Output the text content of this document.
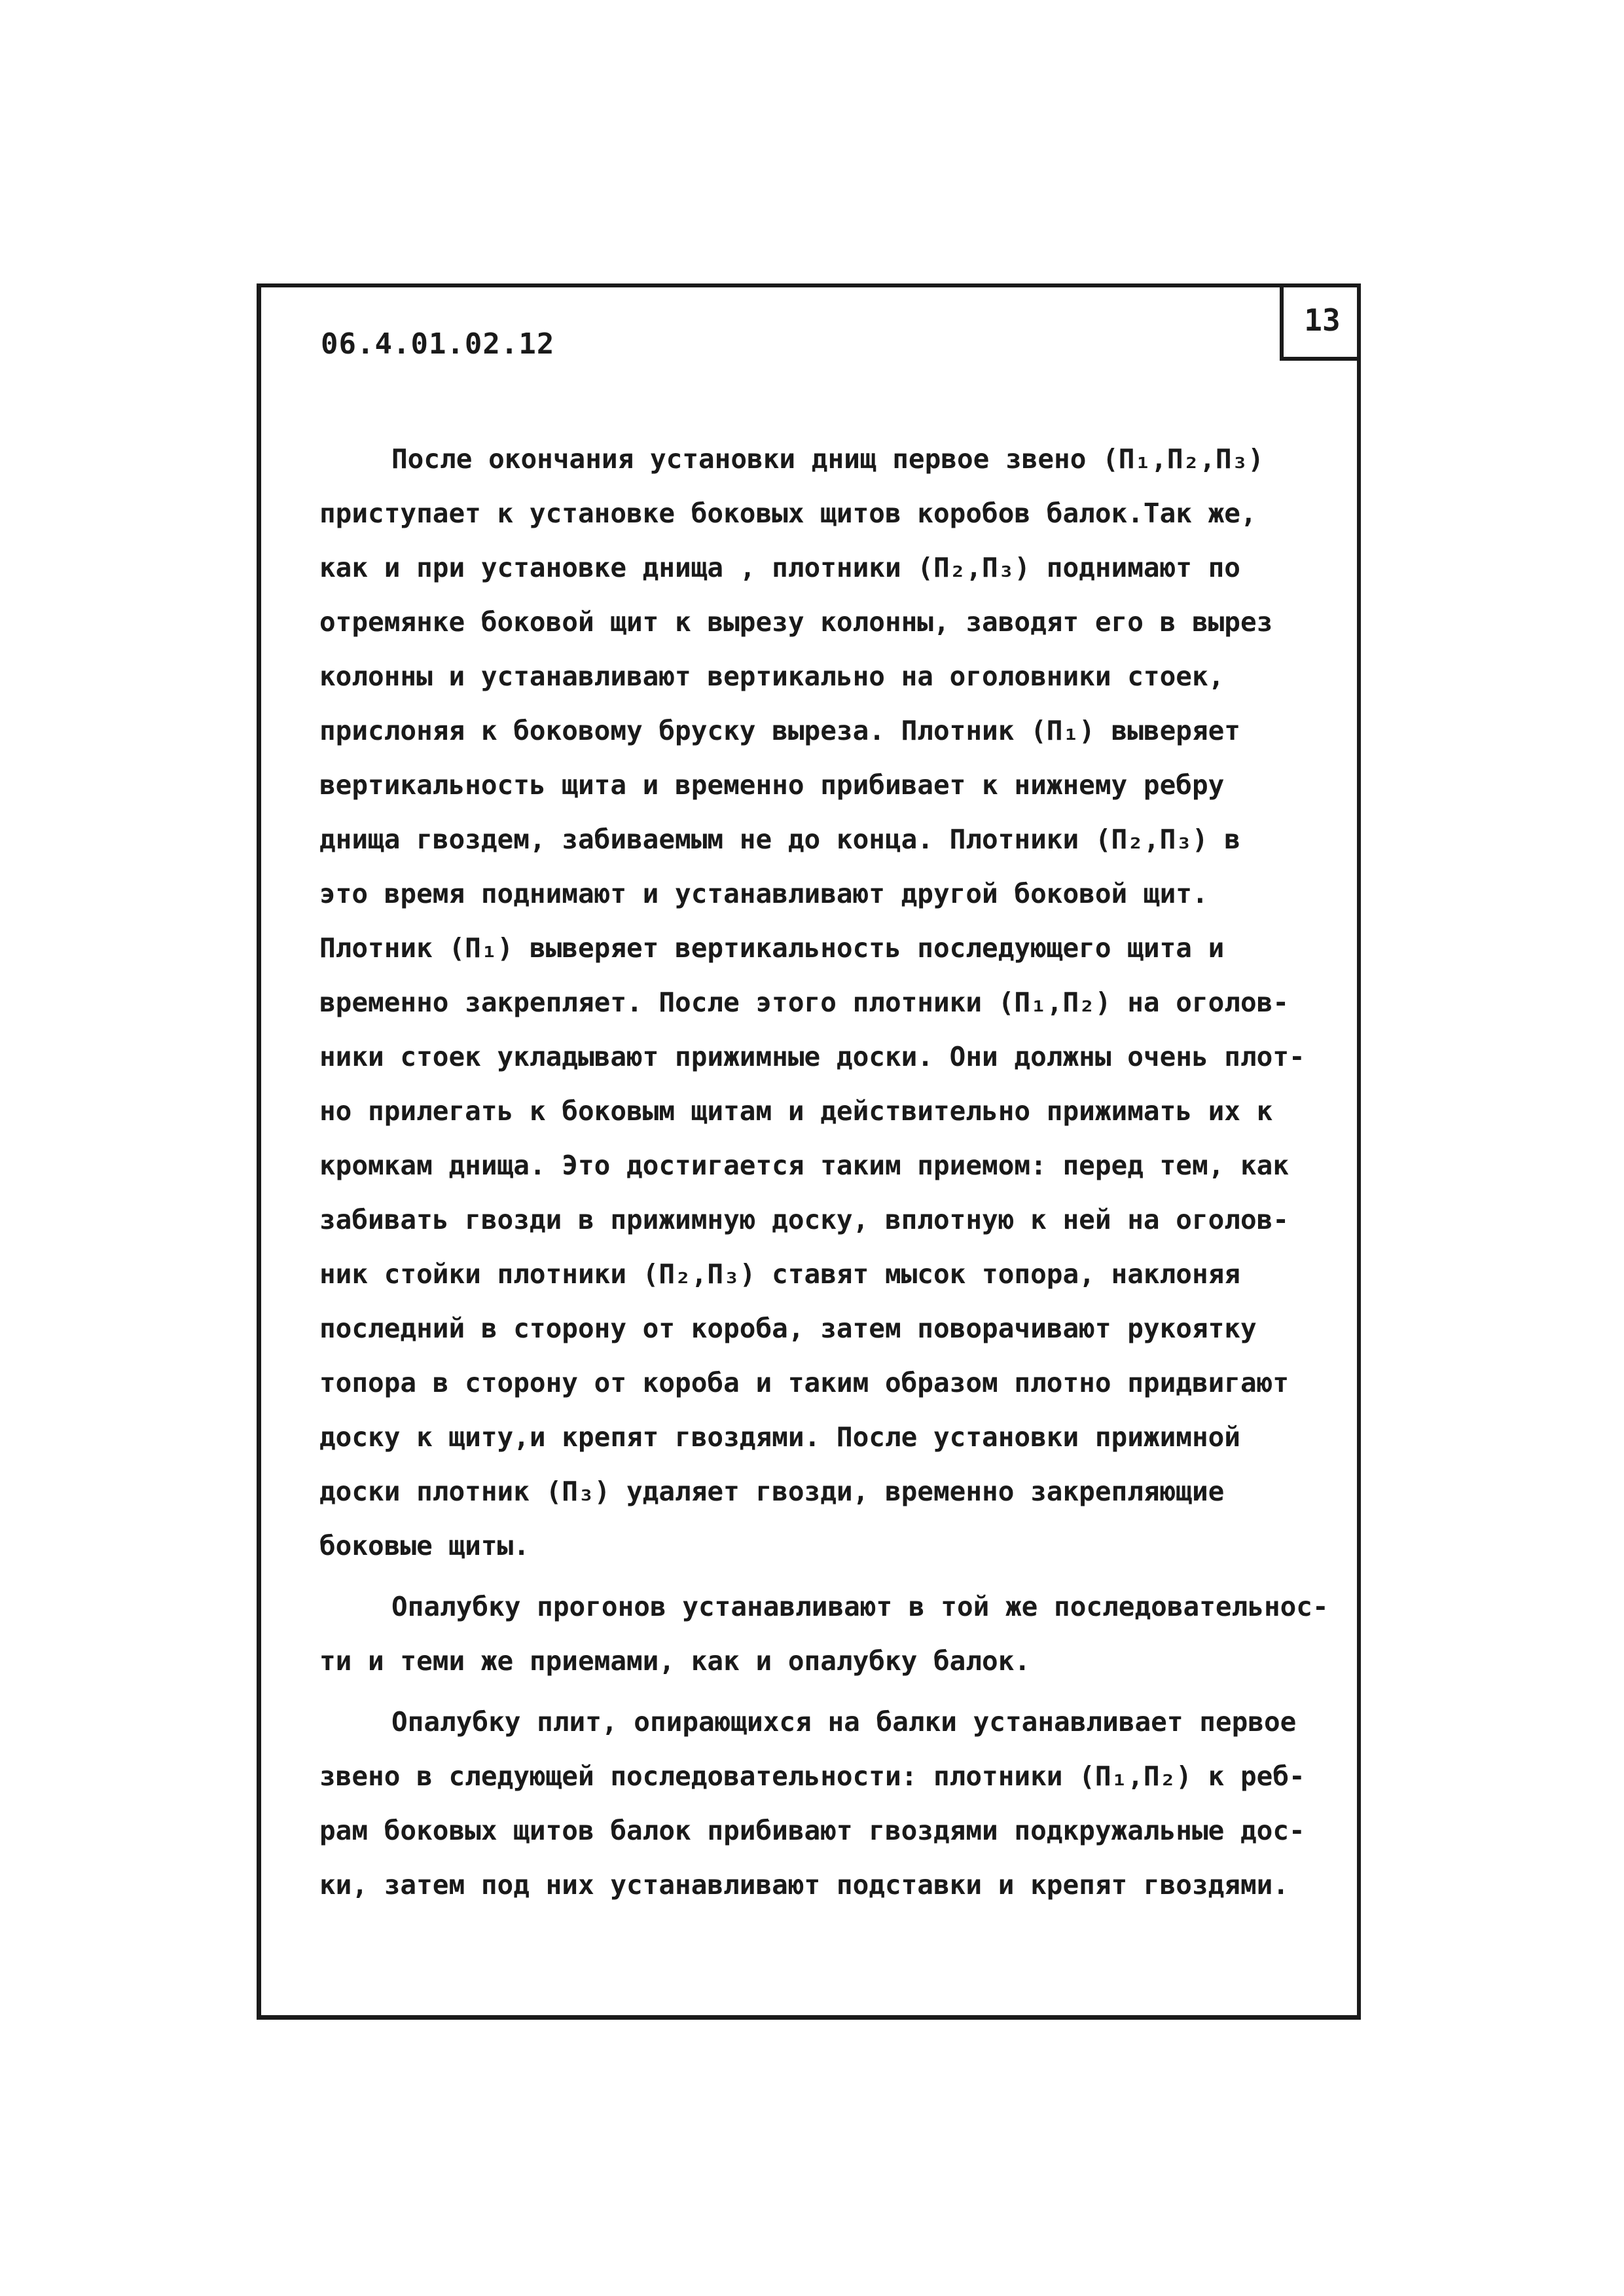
13
06.4.01.02.12
После окончания установки днищ первое звено (П₁,П₂,П₃)
приступает к установке боковых щитов коробов балок.Так же,
как и при установке днища , плотники (П₂,П₃) поднимают по
отремянке боковой щит к вырезу колонны, заводят его в вырез
колонны и устанавливают вертикально на оголовники стоек,
прислоняя к боковому бруску выреза. Плотник (П₁) выверяет
вертикальность щита и временно прибивает к нижнему ребру
днища гвоздем, забиваемым не до конца. Плотники (П₂,П₃) в
это время поднимают и устанавливают другой боковой щит.
Плотник (П₁) выверяет вертикальность последующего щита и
временно закрепляет. После этого плотники (П₁,П₂) на оголов-
ники стоек укладывают прижимные доски. Они должны очень плот-
но прилегать к боковым щитам и действительно прижимать их к
кромкам днища. Это достигается таким приемом: перед тем, как
забивать гвозди в прижимную доску, вплотную к ней на оголов-
ник стойки плотники (П₂,П₃) ставят мысок топора, наклоняя
последний в сторону от короба, затем поворачивают рукоятку
топора в сторону от короба и таким образом плотно придвигают
доску к щиту,и крепят гвоздями. После установки прижимной
доски плотник (П₃) удаляет гвозди, временно закрепляющие
боковые щиты.
Опалубку прогонов устанавливают в той же последовательнос-
ти и теми же приемами, как и опалубку балок.
Опалубку плит, опирающихся на балки устанавливает первое
звено в следующей последовательности: плотники (П₁,П₂) к реб-
рам боковых щитов балок прибивают гвоздями подкружальные дос-
ки, затем под них устанавливают подставки и крепят гвоздями.
